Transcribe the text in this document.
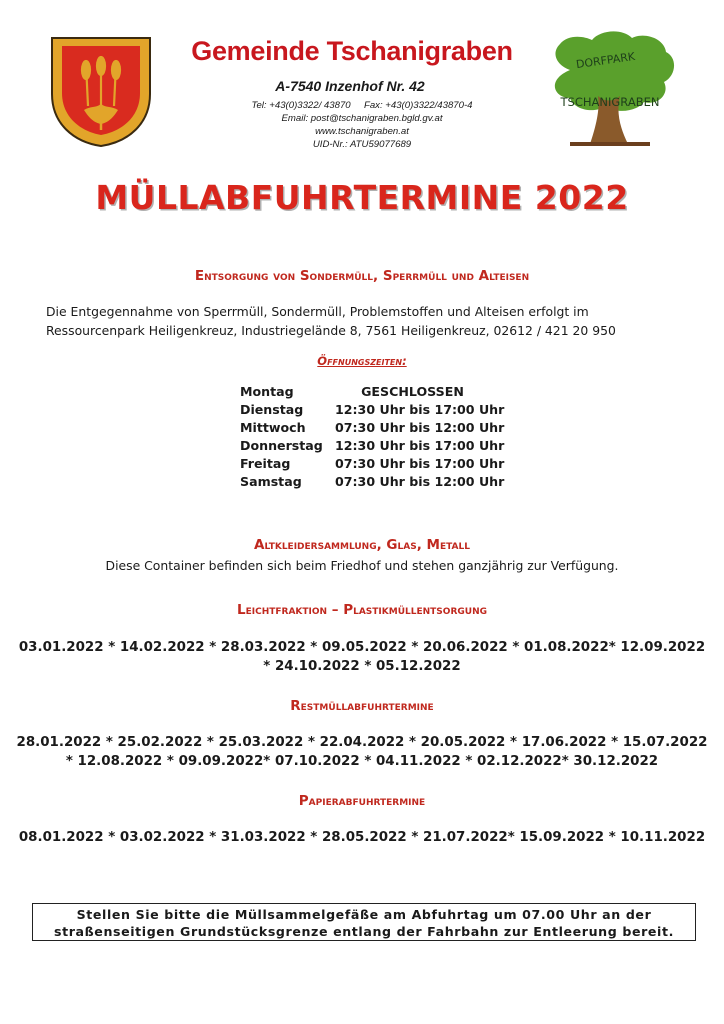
Gemeinde Tschanigraben
A-7540 Inzenhof Nr. 42
Tel: +43(0)3322/ 43870 Fax: +43(0)3322/43870-4
Email: post@tschanigraben.bgld.gv.at
www.tschanigraben.at
UID-Nr.: ATU59077689
DORFPARK
TSCHANIGRABEN
MÜLLABFUHRTERMINE 2022
Entsorgung von Sondermüll, Sperrmüll und Alteisen
Die Entgegennahme von Sperrmüll, Sondermüll, Problemstoffen und Alteisen erfolgt im
Ressourcenpark Heiligenkreuz, Industriegelände 8, 7561 Heiligenkreuz, 02612 / 421 20 950
Öffnungszeiten:
Montag	GESCHLOSSEN
Dienstag	12:30 Uhr bis 17:00 Uhr
Mittwoch 07:30 Uhr bis 12:00 Uhr
Donnerstag 12:30 Uhr bis 17:00 Uhr
Freitag	07:30 Uhr bis 17:00 Uhr
Samstag	07:30 Uhr bis 12:00 Uhr
Altkleidersammlung, Glas, Metall
Diese Container befinden sich beim Friedhof und stehen ganzjährig zur Verfügung.
Leichtfraktion – Plastikmüllentsorgung
03.01.2022 * 14.02.2022 * 28.03.2022 * 09.05.2022 * 20.06.2022 * 01.08.2022* 12.09.2022
* 24.10.2022 * 05.12.2022
Restmüllabfuhrtermine
28.01.2022 * 25.02.2022 * 25.03.2022 * 22.04.2022 * 20.05.2022 * 17.06.2022 * 15.07.2022
* 12.08.2022 * 09.09.2022* 07.10.2022 * 04.11.2022 * 02.12.2022* 30.12.2022
Papierabfuhrtermine
08.01.2022 * 03.02.2022 * 31.03.2022 * 28.05.2022 * 21.07.2022* 15.09.2022 * 10.11.2022
Stellen Sie bitte die Müllsammelgefäße am Abfuhrtag um 07.00 Uhr an der
straßenseitigen Grundstücksgrenze entlang der Fahrbahn zur Entleerung bereit.
